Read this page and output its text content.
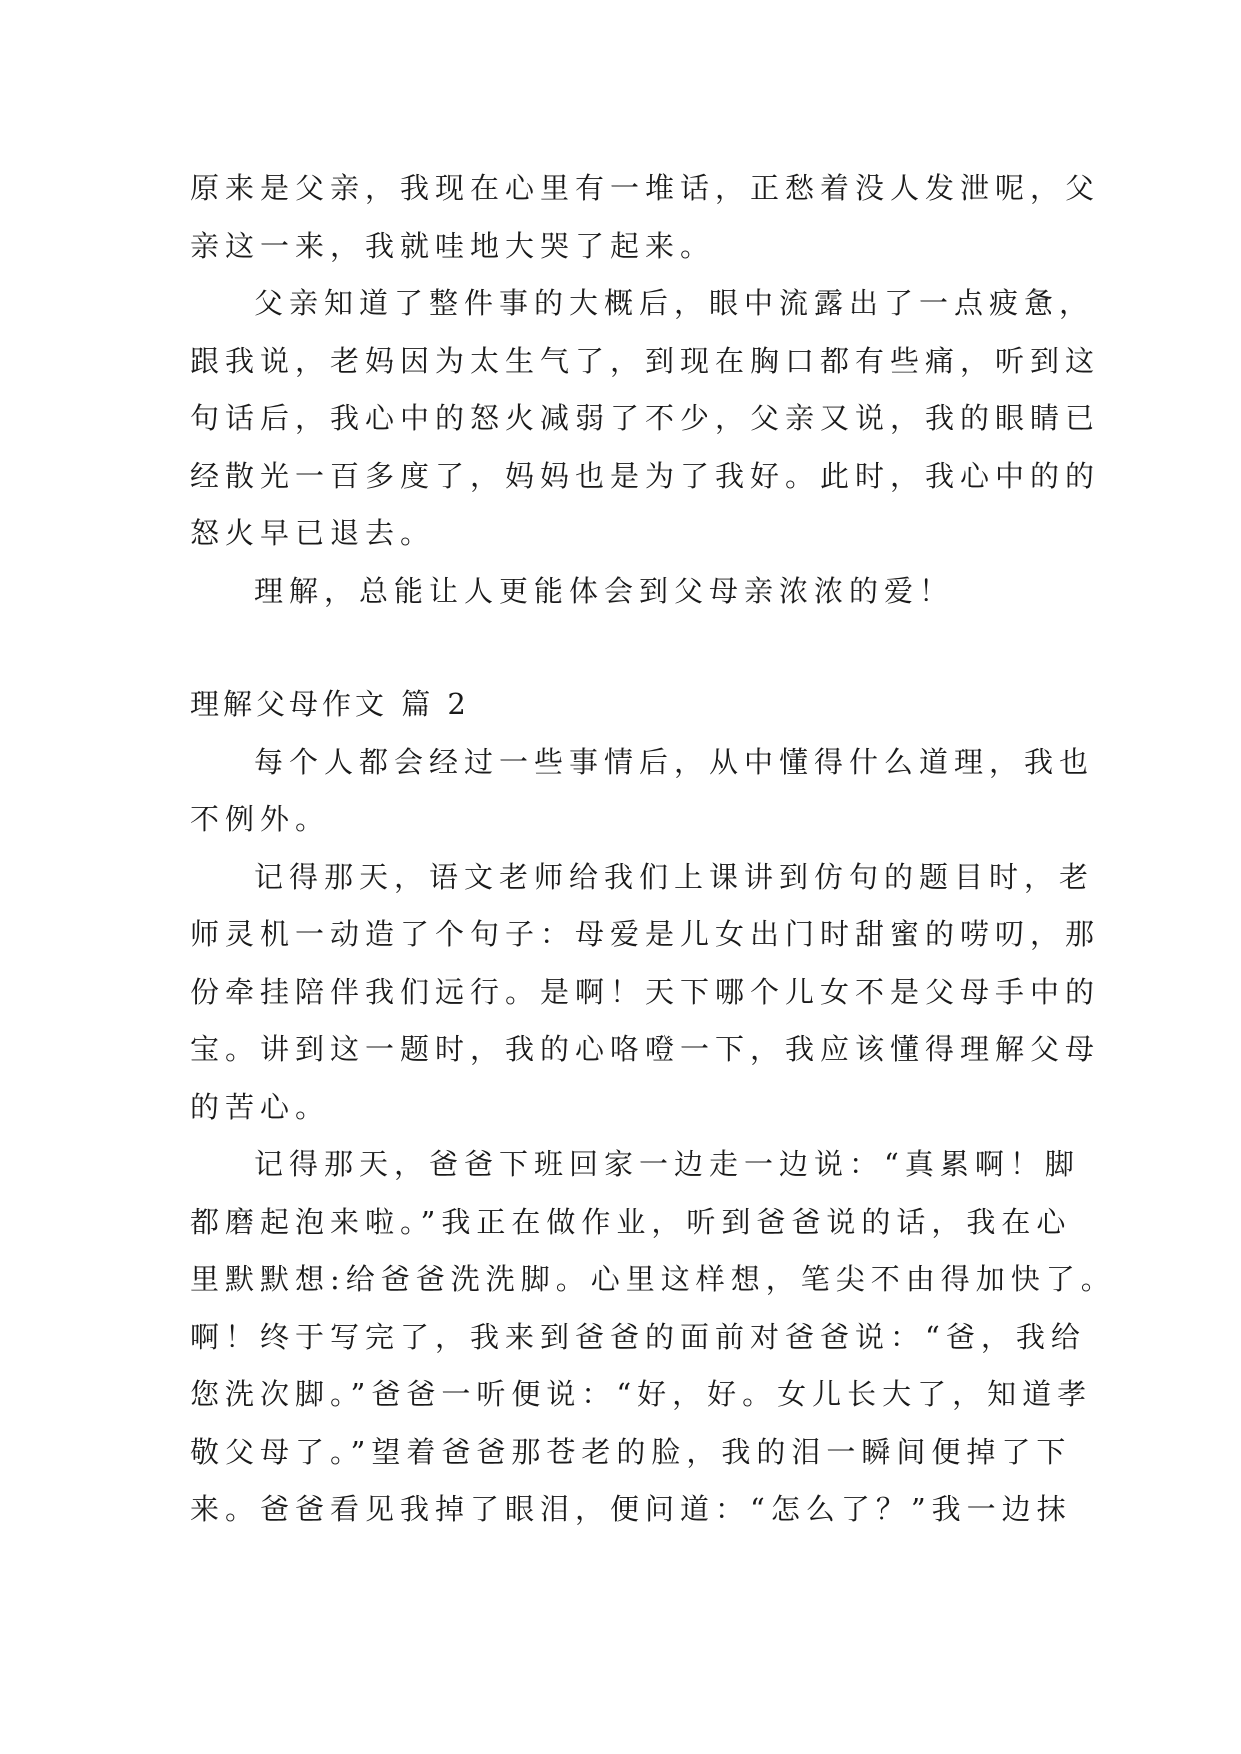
原来是父亲，我现在心里有一堆话，正愁着没人发泄呢，父
亲这一来，我就哇地大哭了起来。
父亲知道了整件事的大概后，眼中流露出了一点疲惫，
跟我说，老妈因为太生气了，到现在胸口都有些痛，听到这
句话后，我心中的怒火减弱了不少，父亲又说，我的眼睛已
经散光一百多度了，妈妈也是为了我好。此时，我心中的的
怒火早已退去。
理解，总能让人更能体会到父母亲浓浓的爱！
理解父母作文 篇 2
每个人都会经过一些事情后，从中懂得什么道理，我也
不例外。
记得那天，语文老师给我们上课讲到仿句的题目时，老
师灵机一动造了个句子：母爱是儿女出门时甜蜜的唠叨，那
份牵挂陪伴我们远行。是啊！天下哪个儿女不是父母手中的
宝。讲到这一题时，我的心咯噔一下，我应该懂得理解父母
的苦心。
记得那天，爸爸下班回家一边走一边说：“真累啊！脚
都磨起泡来啦。”我正在做作业，听到爸爸说的话，我在心
里默默想:给爸爸洗洗脚。心里这样想，笔尖不由得加快了。
啊！终于写完了，我来到爸爸的面前对爸爸说：“爸，我给
您洗次脚。”爸爸一听便说：“好，好。女儿长大了，知道孝
敬父母了。”望着爸爸那苍老的脸，我的泪一瞬间便掉了下
来。爸爸看见我掉了眼泪，便问道：“怎么了？”我一边抹
